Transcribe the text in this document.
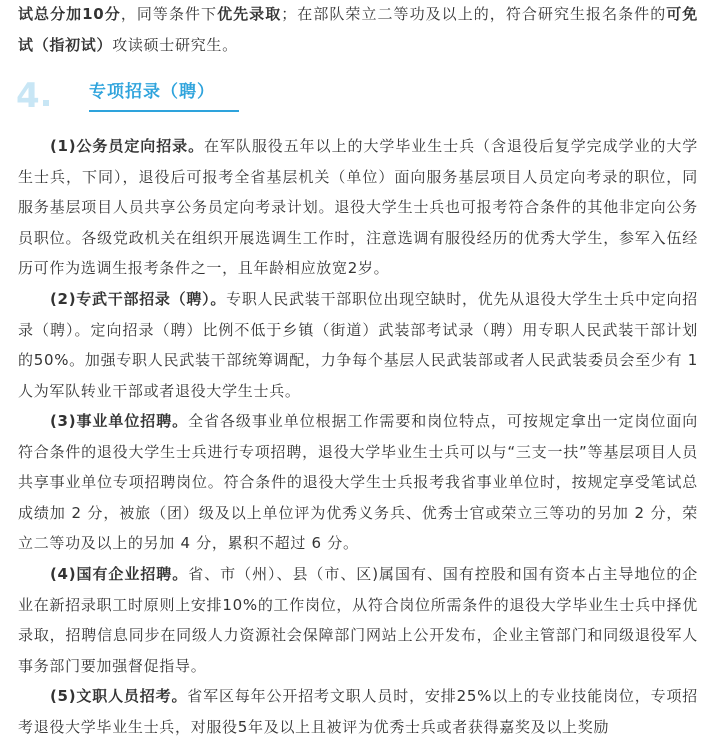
试总分加10分，同等条件下优先录取；在部队荣立二等功及以上的，符合研究生报名条件的可免试（指初试）攻读硕士研究生。

4	专项招录（聘）

(1)公务员定向招录。在军队服役五年以上的大学毕业生士兵（含退役后复学完成学业的大学生士兵，下同），退役后可报考全省基层机关（单位）面向服务基层项目人员定向考录的职位，同服务基层项目人员共享公务员定向考录计划。退役大学生士兵也可报考符合条件的其他非定向公务员职位。各级党政机关在组织开展选调生工作时，注意选调有服役经历的优秀大学生，参军入伍经历可作为选调生报考条件之一，且年龄相应放宽2岁。

(2)专武干部招录（聘）。专职人民武装干部职位出现空缺时，优先从退役大学生士兵中定向招录（聘）。定向招录（聘）比例不低于乡镇（街道）武装部考试录（聘）用专职人民武装干部计划的50%。加强专职人民武装干部统筹调配，力争每个基层人民武装部或者人民武装委员会至少有 1 人为军队转业干部或者退役大学生士兵。

(3)事业单位招聘。全省各级事业单位根据工作需要和岗位特点，可按规定拿出一定岗位面向符合条件的退役大学生士兵进行专项招聘，退役大学毕业生士兵可以与“三支一扶”等基层项目人员共享事业单位专项招聘岗位。符合条件的退役大学生士兵报考我省事业单位时，按规定享受笔试总成绩加 2 分，被旅（团）级及以上单位评为优秀义务兵、优秀士官或荣立三等功的另加 2 分，荣立二等功及以上的另加 4 分，累积不超过 6 分。

(4)国有企业招聘。省、市（州）、县（市、区)属国有、国有控股和国有资本占主导地位的企业在新招录职工时原则上安排10%的工作岗位，从符合岗位所需条件的退役大学毕业生士兵中择优录取，招聘信息同步在同级人力资源社会保障部门网站上公开发布，企业主管部门和同级退役军人事务部门要加强督促指导。

(5)文职人员招考。省军区每年公开招考文职人员时，安排25%以上的专业技能岗位，专项招考退役大学毕业生士兵，对服役5年及以上且被评为优秀士兵或者获得嘉奖及以上奖励
